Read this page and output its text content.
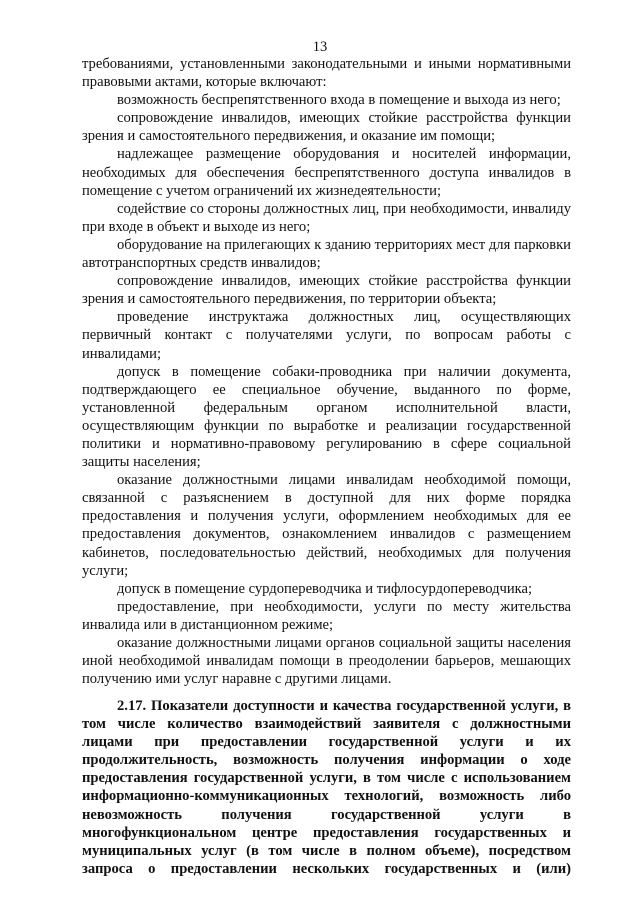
13

требованиями, установленными законодательными и иными нормативными правовыми актами, которые включают:

возможность беспрепятственного входа в помещение и выхода из него;

сопровождение инвалидов, имеющих стойкие расстройства функции зрения и самостоятельного передвижения, и оказание им помощи;

надлежащее размещение оборудования и носителей информации, необходимых для обеспечения беспрепятственного доступа инвалидов в помещение с учетом ограничений их жизнедеятельности;

содействие со стороны должностных лиц, при необходимости, инвалиду при входе в объект и выходе из него;

оборудование на прилегающих к зданию территориях мест для парковки автотранспортных средств инвалидов;

сопровождение инвалидов, имеющих стойкие расстройства функции зрения и самостоятельного передвижения, по территории объекта;

проведение инструктажа должностных лиц, осуществляющих первичный контакт с получателями услуги, по вопросам работы с инвалидами;

допуск в помещение собаки-проводника при наличии документа, подтверждающего ее специальное обучение, выданного по форме, установленной федеральным органом исполнительной власти, осуществляющим функции по выработке и реализации государственной политики и нормативно-правовому регулированию в сфере социальной защиты населения;

оказание должностными лицами инвалидам необходимой помощи, связанной с разъяснением в доступной для них форме порядка предоставления и получения услуги, оформлением необходимых для ее предоставления документов, ознакомлением инвалидов с размещением кабинетов, последовательностью действий, необходимых для получения услуги;

допуск в помещение сурдопереводчика и тифлосурдопереводчика;

предоставление, при необходимости, услуги по месту жительства инвалида или в дистанционном режиме;

оказание должностными лицами органов социальной защиты населения иной необходимой инвалидам помощи в преодолении барьеров, мешающих получению ими услуг наравне с другими лицами.

2.17. Показатели доступности и качества государственной услуги, в том числе количество взаимодействий заявителя с должностными лицами при предоставлении государственной услуги и их продолжительность, возможность получения информации о ходе предоставления государственной услуги, в том числе с использованием информационно-коммуникационных технологий, возможность либо невозможность получения государственной услуги в многофункциональном центре предоставления государственных и муниципальных услуг (в том числе в полном объеме), посредством запроса о предоставлении нескольких государственных и (или)
